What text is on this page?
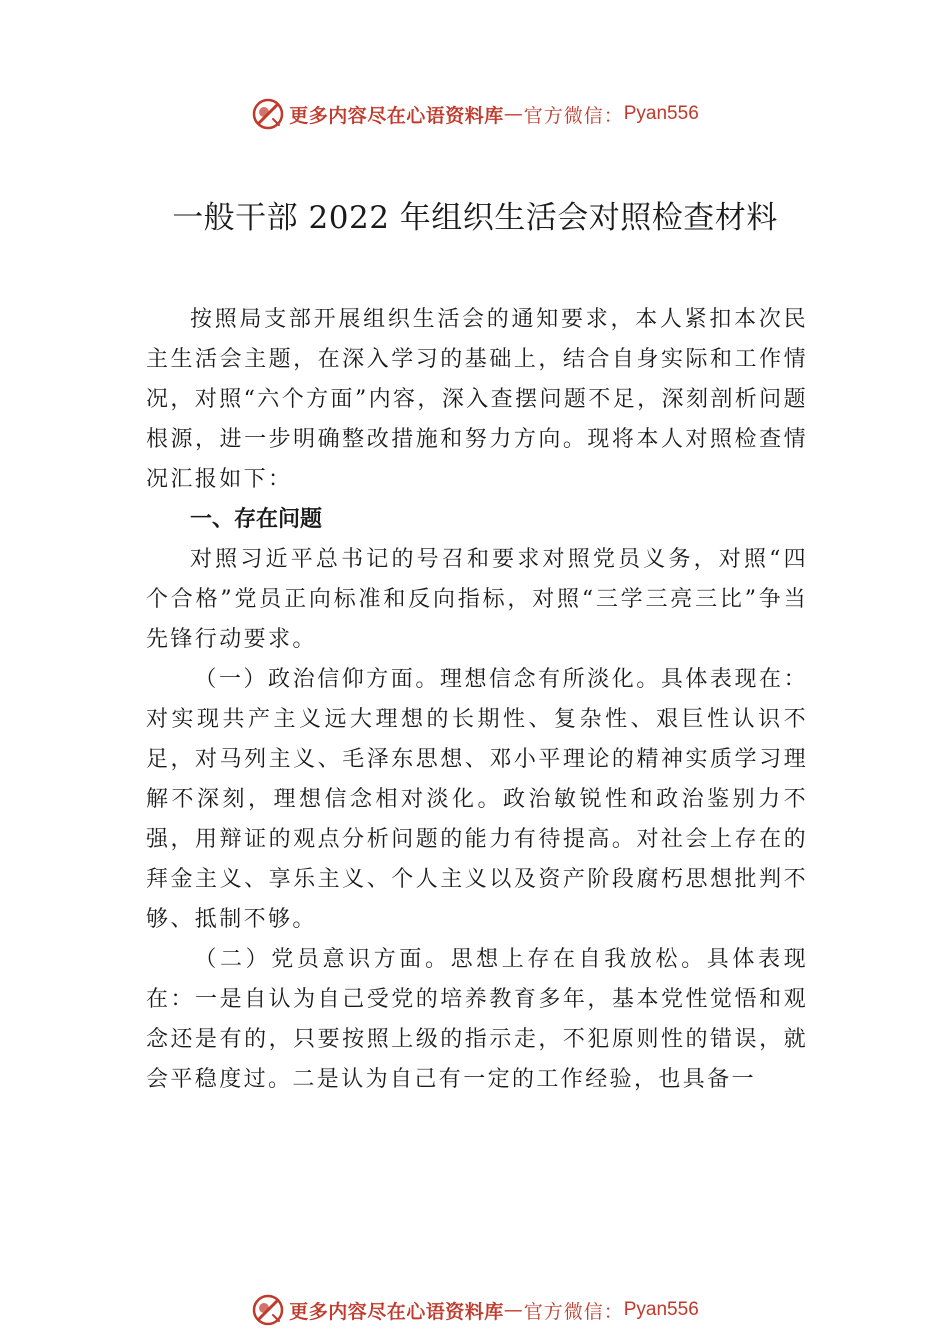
更多内容尽在心语资料库 — 官方微信： Pyan556
一般干部 2022 年组织生活会对照检查材料

按照局支部开展组织生活会的通知要求，本人紧扣本次民主生活会主题，在深入学习的基础上，结合自身实际和工作情况，对照“六个方面”内容，深入查摆问题不足，深刻剖析问题根源，进一步明确整改措施和努力方向。现将本人对照检查情况汇报如下：

一、存在问题

对照习近平总书记的号召和要求对照党员义务，对照“四个合格”党员正向标准和反向指标，对照“三学三亮三比”争当先锋行动要求。

（一）政治信仰方面。理想信念有所淡化。具体表现在：对实现共产主义远大理想的长期性、复杂性、艰巨性认识不足，对马列主义、毛泽东思想、邓小平理论的精神实质学习理解不深刻，理想信念相对淡化。政治敏锐性和政治鉴别力不强，用辩证的观点分析问题的能力有待提高。对社会上存在的拜金主义、享乐主义、个人主义以及资产阶段腐朽思想批判不够、抵制不够。

（二）党员意识方面。思想上存在自我放松。具体表现在：一是自认为自己受党的培养教育多年，基本党性觉悟和观念还是有的，只要按照上级的指示走，不犯原则性的错误，就会平稳度过。二是认为自己有一定的工作经验，也具备一

更多内容尽在心语资料库 — 官方微信： Pyan556
